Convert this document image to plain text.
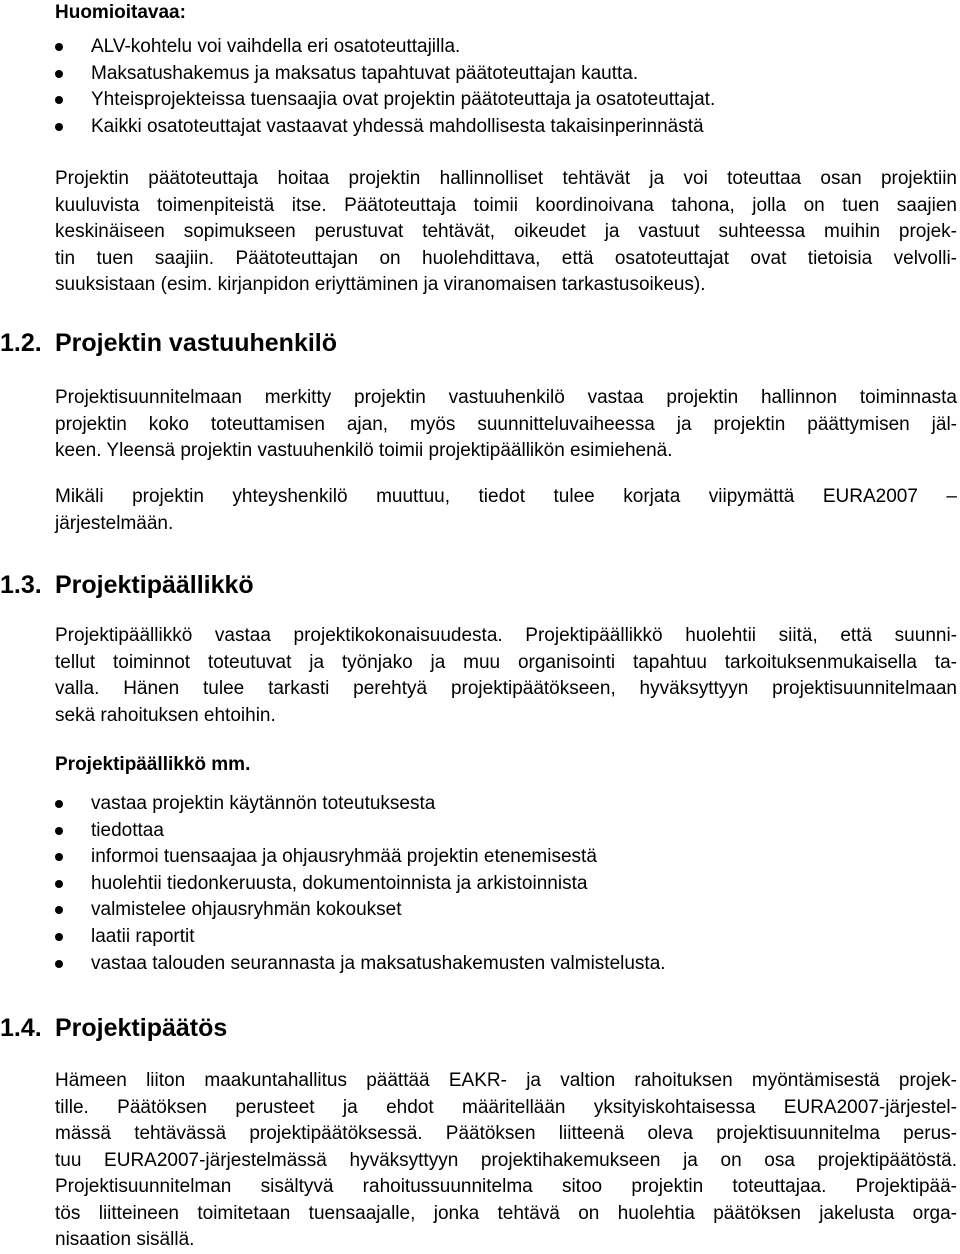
Huomioitavaa:
ALV-kohtelu voi vaihdella eri osatoteuttajilla.
Maksatushakemus ja maksatus tapahtuvat päätoteuttajan kautta.
Yhteisprojekteissa tuensaajia ovat projektin päätoteuttaja ja osatoteuttajat.
Kaikki osatoteuttajat vastaavat yhdessä mahdollisesta takaisinperinnästä
Projektin päätoteuttaja hoitaa projektin hallinnolliset tehtävät ja voi toteuttaa osan projektiin
kuuluvista toimenpiteistä itse. Päätoteuttaja toimii koordinoivana tahona, jolla on tuen saajien
keskinäiseen sopimukseen perustuvat tehtävät, oikeudet ja vastuut suhteessa muihin projek-
tin tuen saajiin. Päätoteuttajan on huolehdittava, että osatoteuttajat ovat tietoisia velvolli-
suuksistaan (esim. kirjanpidon eriyttäminen ja viranomaisen tarkastusoikeus).
1.2. Projektin vastuuhenkilö
Projektisuunnitelmaan merkitty projektin vastuuhenkilö vastaa projektin hallinnon toiminnasta
projektin koko toteuttamisen ajan, myös suunnitteluvaiheessa ja projektin päättymisen jäl-
keen. Yleensä projektin vastuuhenkilö toimii projektipäällikön esimiehenä.
Mikäli projektin yhteyshenkilö muuttuu, tiedot tulee korjata viipymättä EURA2007 –
järjestelmään.
1.3. Projektipäällikkö
Projektipäällikkö vastaa projektikokonaisuudesta. Projektipäällikkö huolehtii siitä, että suunni-
tellut toiminnot toteutuvat ja työnjako ja muu organisointi tapahtuu tarkoituksenmukaisella ta-
valla. Hänen tulee tarkasti perehtyä projektipäätökseen, hyväksyttyyn projektisuunnitelmaan
sekä rahoituksen ehtoihin.
Projektipäällikkö mm.
vastaa projektin käytännön toteutuksesta
tiedottaa
informoi tuensaajaa ja ohjausryhmää projektin etenemisestä
huolehtii tiedonkeruusta, dokumentoinnista ja arkistoinnista
valmistelee ohjausryhmän kokoukset
laatii raportit
vastaa talouden seurannasta ja maksatushakemusten valmistelusta.
1.4. Projektipäätös
Hämeen liiton maakuntahallitus päättää EAKR- ja valtion rahoituksen myöntämisestä projek-
tille. Päätöksen perusteet ja ehdot määritellään yksityiskohtaisessa EURA2007-järjestel-
mässä tehtävässä projektipäätöksessä. Päätöksen liitteenä oleva projektisuunnitelma perus-
tuu EURA2007-järjestelmässä hyväksyttyyn projektihakemukseen ja on osa projektipäätöstä.
Projektisuunnitelman sisältyvä rahoitussuunnitelma sitoo projektin toteuttajaa. Projektipää-
tös liitteineen toimitetaan tuensaajalle, jonka tehtävä on huolehtia päätöksen jakelusta orga-
nisaation sisällä.
